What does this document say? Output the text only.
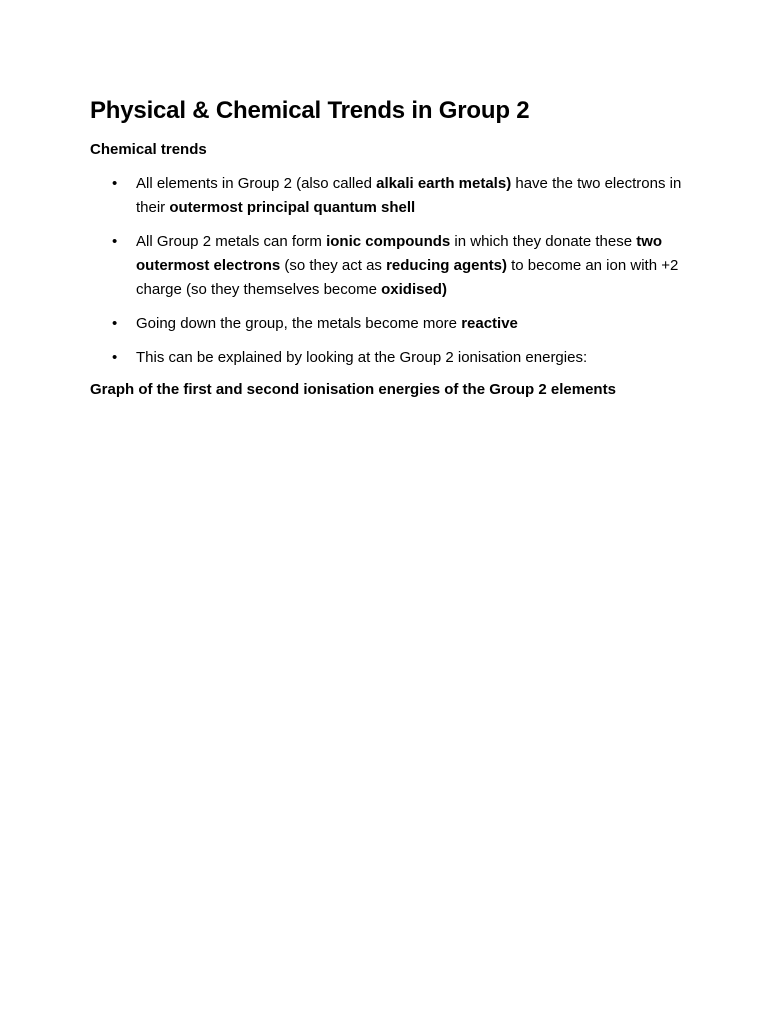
Physical & Chemical Trends in Group 2
Chemical trends
• All elements in Group 2 (also called alkali earth metals) have the two electrons in their outermost principal quantum shell
• All Group 2 metals can form ionic compounds in which they donate these two outermost electrons (so they act as reducing agents) to become an ion with +2 charge (so they themselves become oxidised)
• Going down the group, the metals become more reactive
• This can be explained by looking at the Group 2 ionisation energies:
Graph of the first and second ionisation energies of the Group 2 elements
